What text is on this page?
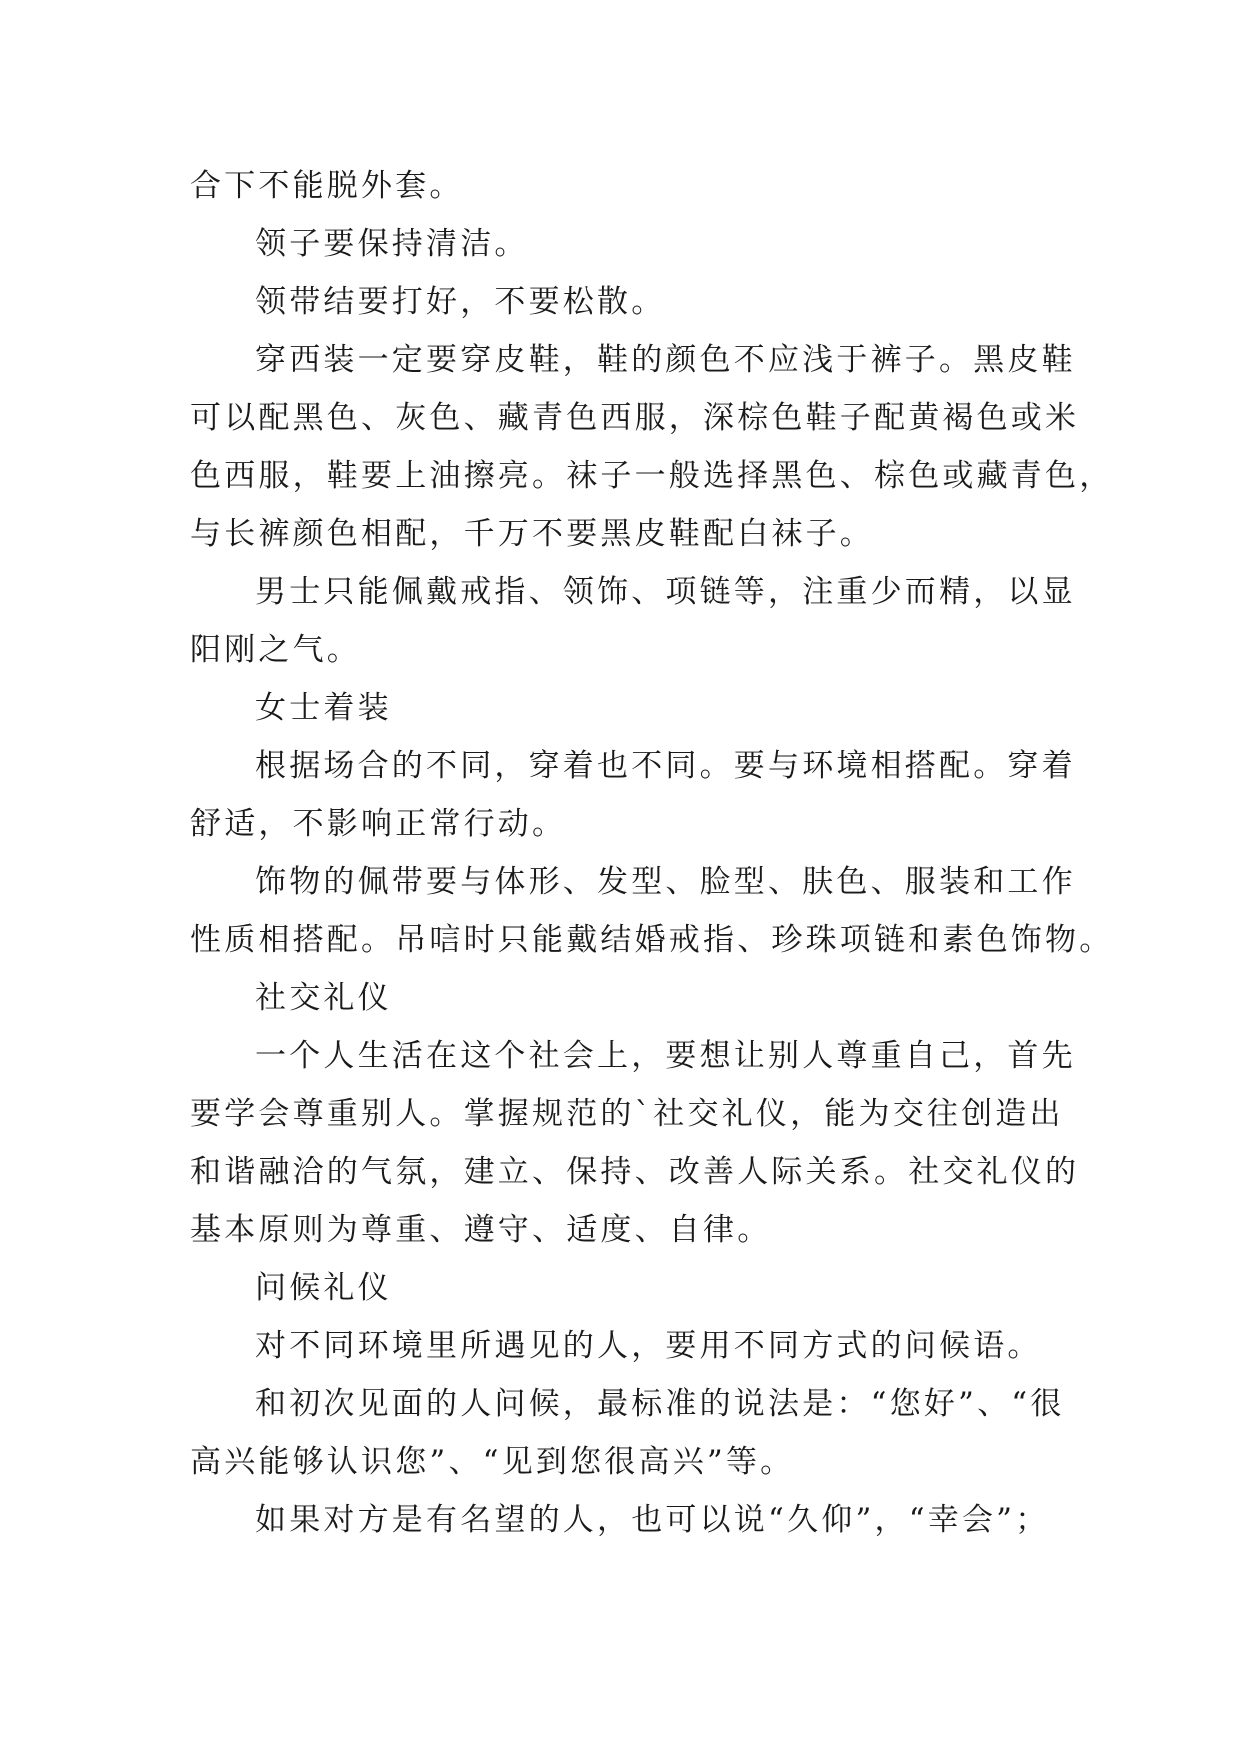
合下不能脱外套。

领子要保持清洁。

领带结要打好，不要松散。

穿西装一定要穿皮鞋，鞋的颜色不应浅于裤子。黑皮鞋

可以配黑色、灰色、藏青色西服，深棕色鞋子配黄褐色或米

色西服，鞋要上油擦亮。袜子一般选择黑色、棕色或藏青色，

与长裤颜色相配，千万不要黑皮鞋配白袜子。

男士只能佩戴戒指、领饰、项链等，注重少而精，以显

阳刚之气。

女士着装

根据场合的不同，穿着也不同。要与环境相搭配。穿着

舒适，不影响正常行动。

饰物的佩带要与体形、发型、脸型、肤色、服装和工作

性质相搭配。吊唁时只能戴结婚戒指、珍珠项链和素色饰物。

社交礼仪

一个人生活在这个社会上，要想让别人尊重自己，首先

要学会尊重别人。掌握规范的`社交礼仪，能为交往创造出

和谐融洽的气氛，建立、保持、改善人际关系。社交礼仪的

基本原则为尊重、遵守、适度、自律。

问候礼仪

对不同环境里所遇见的人，要用不同方式的问候语。

和初次见面的人问候，最标准的说法是：“您好”、“很

高兴能够认识您”、“见到您很高兴”等。

如果对方是有名望的人，也可以说“久仰”，“幸会”；
